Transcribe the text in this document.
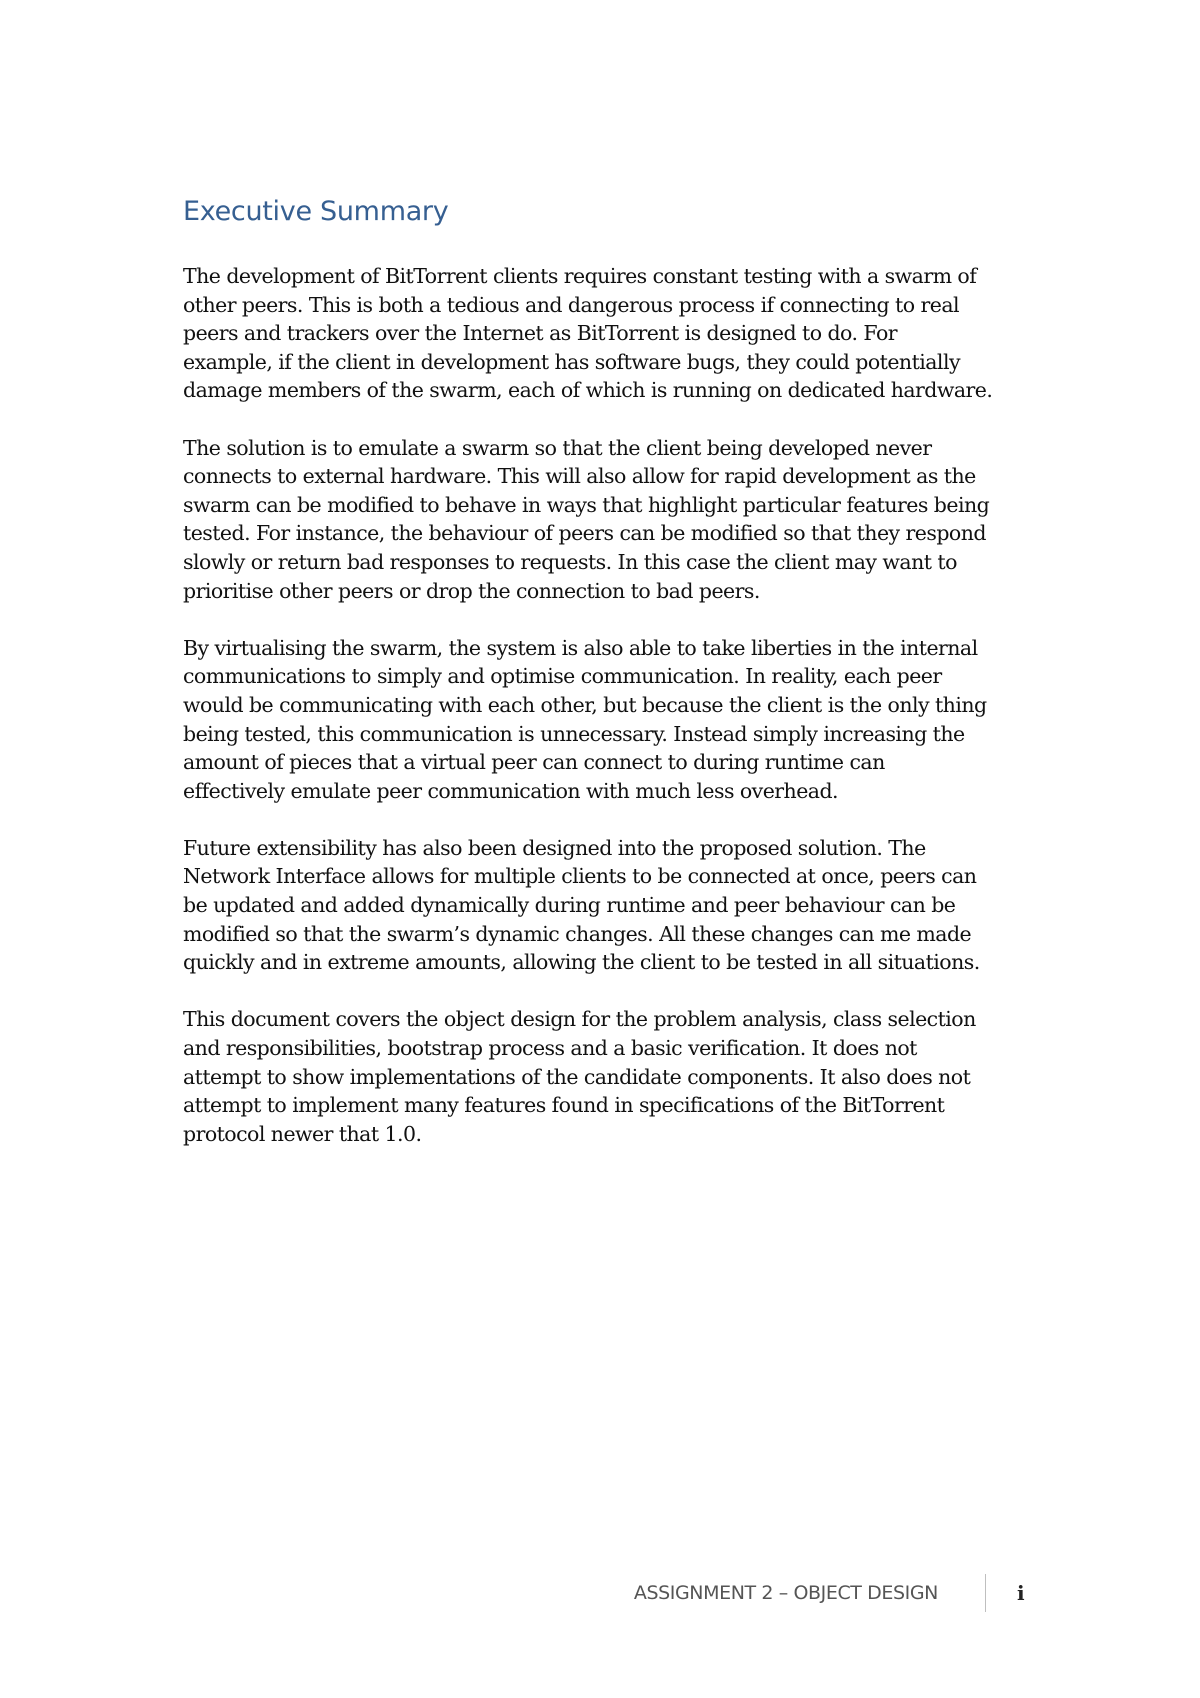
Executive Summary

The development of BitTorrent clients requires constant testing with a swarm of
other peers. This is both a tedious and dangerous process if connecting to real
peers and trackers over the Internet as BitTorrent is designed to do. For
example, if the client in development has software bugs, they could potentially
damage members of the swarm, each of which is running on dedicated hardware.

The solution is to emulate a swarm so that the client being developed never
connects to external hardware. This will also allow for rapid development as the
swarm can be modified to behave in ways that highlight particular features being
tested. For instance, the behaviour of peers can be modified so that they respond
slowly or return bad responses to requests. In this case the client may want to
prioritise other peers or drop the connection to bad peers.

By virtualising the swarm, the system is also able to take liberties in the internal
communications to simply and optimise communication. In reality, each peer
would be communicating with each other, but because the client is the only thing
being tested, this communication is unnecessary. Instead simply increasing the
amount of pieces that a virtual peer can connect to during runtime can
effectively emulate peer communication with much less overhead.

Future extensibility has also been designed into the proposed solution. The
Network Interface allows for multiple clients to be connected at once, peers can
be updated and added dynamically during runtime and peer behaviour can be
modified so that the swarm’s dynamic changes. All these changes can me made
quickly and in extreme amounts, allowing the client to be tested in all situations.

This document covers the object design for the problem analysis, class selection
and responsibilities, bootstrap process and a basic verification. It does not
attempt to show implementations of the candidate components. It also does not
attempt to implement many features found in specifications of the BitTorrent
protocol newer that 1.0.

ASSIGNMENT 2 – OBJECT DESIGN	i
